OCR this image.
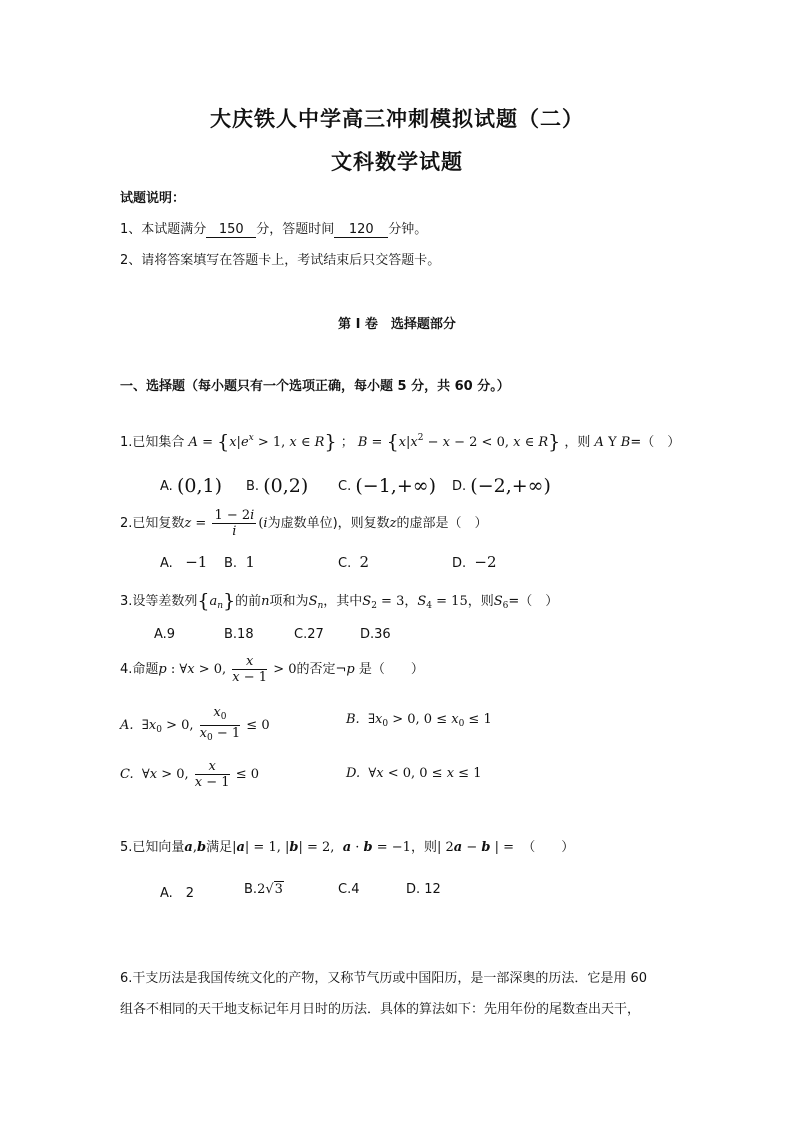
大庆铁人中学高三冲刺模拟试题（二）
文科数学试题
试题说明：
1、本试题满分 150 分，答题时间 120 分钟。
2、请将答案填写在答题卡上，考试结束后只交答题卡。
第 I 卷　选择题部分
一、选择题（每小题只有一个选项正确，每小题 5 分，共 60 分。）
1.已知集合 $A = \{x|e^x > 1$, x ∈ R} ； $B = \{x|x^2 - x - 2 < 0$, x ∈ R} ，则 A Y B=（　）
A. (0,1) B. (0,2) C. (−1,+∞) D. (−2,+∞)
2.已知复数$z = \frac{1 - 2i}{i} (i$为虚数单位)，则复数z的虚部是（　）
A. −1 B. 1	C. 2	D. −2
3.设等差数列$\{a_n\}$的前n项和为$S_n$，其中$S_2 = 3$，$S_4 = 15$，则$S_6=$（　）
A.9	B.18	C.27	D.36
4.命题p : ∀x > 0, $\frac{x}{x - 1} > 0$的否定¬p 是（　　）
A. $\exists x_0 > 0$, $\frac{x_0}{x_0 - 1} \le 0$	B. $\exists x_0 > 0$, $0 \le x_0 \le 1$
C. ∀x > 0, $\frac{x}{x - 1} \le 0$	D. ∀x < 0, 0 ≤ x ≤ 1
5.已知向量a,b满足|a| = 1, |b| = 2,  a · b = −1，则| 2a − b | = （　　）
A.　2	B.2√3	C.4	D. 12
6.干支历法是我国传统文化的产物，又称节气历或中国阳历，是一部深奥的历法．它是用 60
组各不相同的天干地支标记年月日时的历法．具体的算法如下：先用年份的尾数查出天干，
